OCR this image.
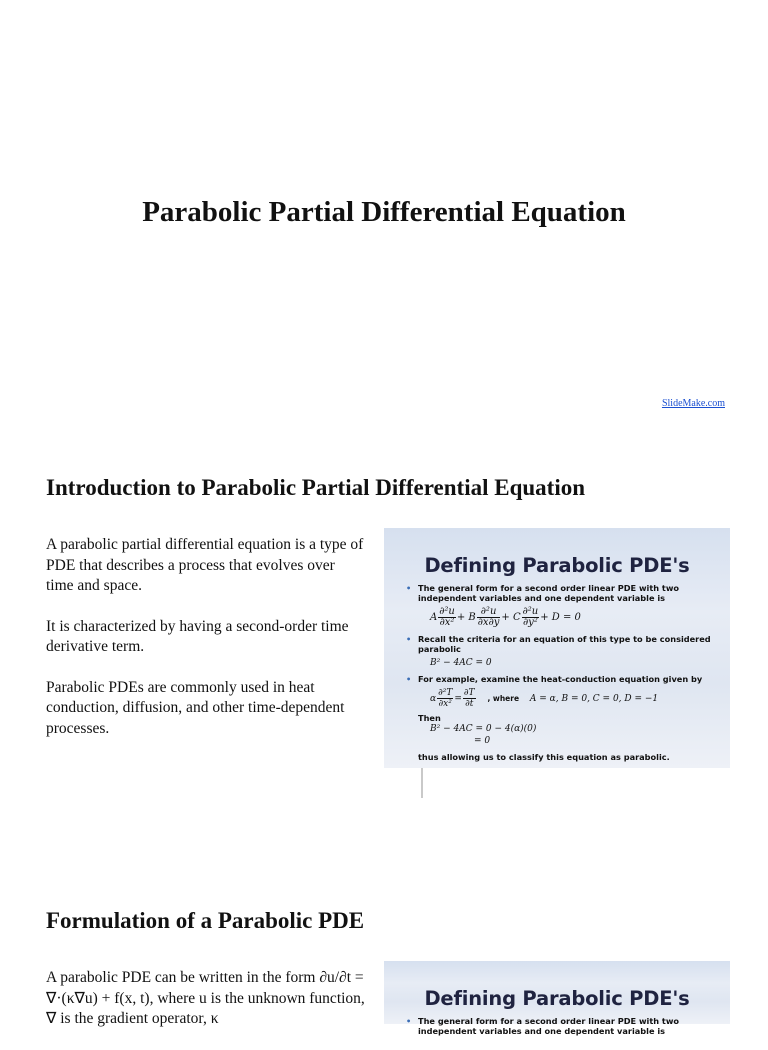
Parabolic Partial Differential Equation
SlideMake.com
Introduction to Parabolic Partial Differential Equation

A parabolic partial differential equation is a type of PDE that describes a process that evolves over time and space.

It is characterized by having a second-order time derivative term.

Parabolic PDEs are commonly used in heat conduction, diffusion, and other time-dependent processes.

Defining Parabolic PDE's
• The general form for a second order linear PDE with two independent variables and one dependent variable is
A $\frac{\text{∂²u}}{\text{∂x²}} + B \frac{\text{∂²u}}{\partial x\partial y} + C \frac{\text{∂²u}}{\text{∂y²}} + D = 0$
• Recall the criteria for an equation of this type to be considered parabolic
B² − 4AC = 0
• For example, examine the heat-conduction equation given by
α $\frac{\text{∂²T}}{\text{∂x²}} = \frac{\partial T}{\partial t}$ , where A = α, B = 0, C = 0, D = −1
Then
B² − 4AC = 0 − 4(α)(0)
= 0
thus allowing us to classify this equation as parabolic.
Formulation of a Parabolic PDE

A parabolic PDE can be written in the form ∂u/∂t = ∇·(κ∇u) + f(x, t), where u is the unknown function, ∇ is the gradient operator, κ

Defining Parabolic PDE's
• The general form for a second order linear PDE with two independent variables and one dependent variable is
